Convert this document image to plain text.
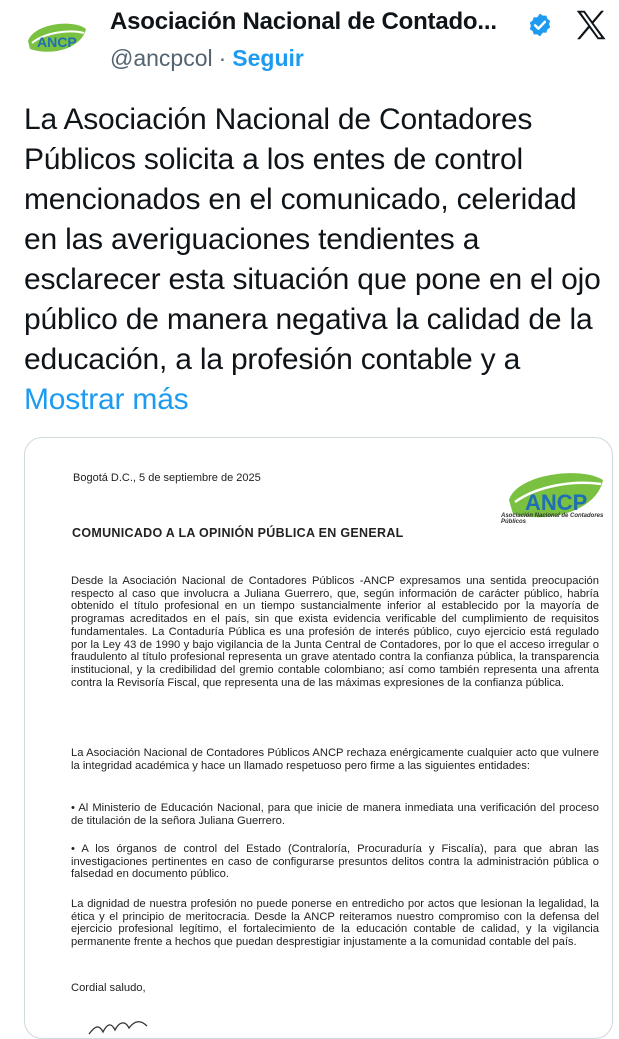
ANCP
Asociación Nacional de Contado...
@ancpcol · Seguir
La Asociación Nacional de Contadores Públicos solicita a los entes de control mencionados en el comunicado, celeridad en las averiguaciones tendientes a esclarecer esta situación que pone en el ojo público de manera negativa la calidad de la educación, a la profesión contable y a Mostrar más
Bogotá D.C., 5 de septiembre de 2025
ANCP
Asociación Nacional de Contadores Públicos
COMUNICADO A LA OPINIÓN PÚBLICA EN GENERAL
Desde la Asociación Nacional de Contadores Públicos -ANCP expresamos una sentida preocupación respecto al caso que involucra a Juliana Guerrero, que, según información de carácter público, habría obtenido el título profesional en un tiempo sustancialmente inferior al establecido por la mayoría de programas acreditados en el país, sin que exista evidencia verificable del cumplimiento de requisitos fundamentales. La Contaduría Pública es una profesión de interés público, cuyo ejercicio está regulado por la Ley 43 de 1990 y bajo vigilancia de la Junta Central de Contadores, por lo que el acceso irregular o fraudulento al título profesional representa un grave atentado contra la confianza pública, la transparencia institucional, y la credibilidad del gremio contable colombiano; así como también representa una afrenta contra la Revisoría Fiscal, que representa una de las máximas expresiones de la confianza pública.
La Asociación Nacional de Contadores Públicos ANCP rechaza enérgicamente cualquier acto que vulnere la integridad académica y hace un llamado respetuoso pero firme a las siguientes entidades:
• Al Ministerio de Educación Nacional, para que inicie de manera inmediata una verificación del proceso de titulación de la señora Juliana Guerrero.
• A los órganos de control del Estado (Contraloría, Procuraduría y Fiscalía), para que abran las investigaciones pertinentes en caso de configurarse presuntos delitos contra la administración pública o falsedad en documento público.
La dignidad de nuestra profesión no puede ponerse en entredicho por actos que lesionan la legalidad, la ética y el principio de meritocracia. Desde la ANCP reiteramos nuestro compromiso con la defensa del ejercicio profesional legítimo, el fortalecimiento de la educación contable de calidad, y la vigilancia permanente frente a hechos que puedan desprestigiar injustamente a la comunidad contable del país.
Cordial saludo,
